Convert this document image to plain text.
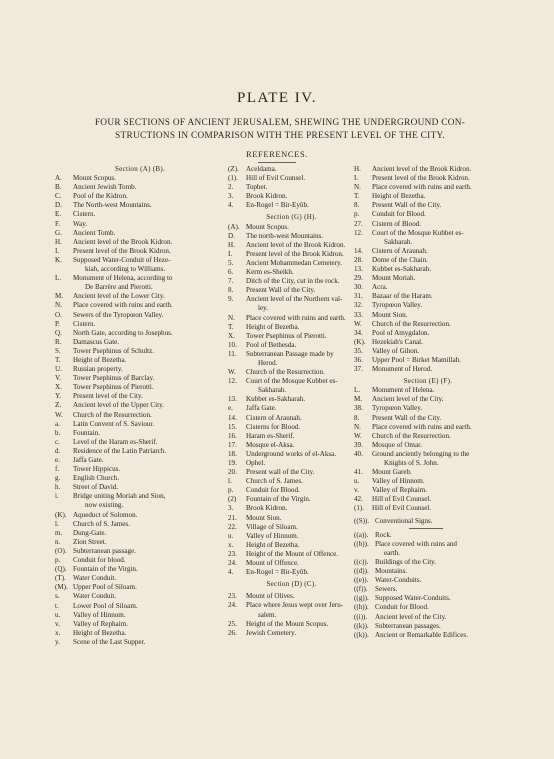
PLATE IV.
FOUR SECTIONS OF ANCIENT JERUSALEM, SHEWING THE UNDERGROUND CON-
STRUCTIONS IN COMPARISON WITH THE PRESENT LEVEL OF THE CITY.
REFERENCES.
Section (A) (B).
A.	Mount Scopus.
B.	Ancient Jewish Tomb.
C.	Pool of the Kidron.
D.	The North-west Mountains.
E.	Cistern.
F.	Way.
G.	Ancient Tomb.
H.	Ancient level of the Brook Kidron.
I.	Present level of the Brook Kidron.
K.	Supposed Water-Conduit of Heze-
kiah, according to Williams.
L.	Monument of Helena, according to
De Barrère and Pierotti.
M.	Ancient level of the Lower City.
N.	Place covered with ruins and earth.
O.	Sewers of the Tyropœon Valley.
P.	Cistern.
Q.	North Gate, according to Josephus.
R.	Damascus Gate.
S.	Tower Psephinus of Schultz.
T.	Height of Bezetha.
U.	Russian property.
V.	Tower Psephinus of Barclay.
X.	Tower Psephinus of Pierotti.
Y.	Present level of the City.
Z.	Ancient level of the Upper City.
W.	Church of the Resurrection.
a.	Latin Convent of S. Saviour.
b.	Fountain.
c.	Level of the Haram es-Sherif.
d.	Residence of the Latin Patriarch.
e.	Jaffa Gate.
f.	Tower Hippicus.
g.	English Church.
h.	Street of David.
i.	Bridge uniting Moriah and Sion,
now existing.
(K). Aqueduct of Solomon.
l.	Church of S. James.
m.	Dung-Gate.
n.	Zion Street.
(O). Subterranean passage.
p.	Conduit for blood.
(Q). Fountain of the Virgin.
(T).	Water Conduit.
(M). Upper Pool of Siloam.
s.	Water Conduit.
t.	Lower Pool of Siloam.
u.	Valley of Hinnom.
v.	Valley of Rephaim.
x.	Height of Bezetha.
y.	Scene of the Last Supper.
(Z).	Aceldama.
(1).	Hill of Evil Counsel.
2.	Tophet.
3.	Brook Kidron.
4.	En-Rogel = Bir-Eyûb.
Section (G) (H).
(A). Mount Scopus.
D.	The north-west Mountains.
H.	Ancient level of the Brook Kidron.
I.	Present level of the Brook Kidron.
5.	Ancient Mohammedan Cemetery.
6.	Kerm es-Sheikh.
7.	Ditch of the City, cut in the rock.
8.	Present Wall of the City.
9.	Ancient level of the Northern val-
ley.
N.	Place covered with ruins and earth.
T.	Height of Bezetha.
X.	Tower Psephinus of Pierotti.
10.	Pool of Bethesda.
11.	Subterranean Passage made by
Herod.
W.	Church of the Resurrection.
12.	Court of the Mosque Kubbet es-
Sakharah.
13.	Kubbet es-Sakharah.
e.	Jaffa Gate.
14.	Cistern of Araunah.
15.	Cisterns for Blood.
16.	Haram es-Sherif.
17.	Mosque el-Aksa.
18.	Underground works of el-Aksa.
19.	Ophel.
20.	Present wall of the City.
l.	Church of S. James.
p.	Conduit for Blood.
(2)	Fountain of the Virgin.
3.	Brook Kidron.
21.	Mount Sion.
22.	Village of Siloam.
u.	Valley of Hinnom.
x.	Height of Bezetha.
23.	Height of the Mount of Offence.
24.	Mount of Offence.
4.	En-Rogel = Bir-Eyûb.
Section (D) (C).
23.	Mount of Olives.
24.	Place where Jesus wept over Jeru-
salem.
25.	Height of the Mount Scopus.
26.	Jewish Cemetery.
H.	Ancient level of the Brook Kidron.
I.	Present level of the Brook Kidron.
N.	Place covered with ruins and earth.
T.	Height of Bezetha.
8.	Present Wall of the City.
p.	Conduit for Blood.
27.	Cistern of Blood.
12.	Court of the Mosque Kubbet es-
Sakharah.
14.	Cistern of Araunah.
28.	Dome of the Chain.
13.	Kubbet es-Sakharah.
29.	Mount Moriah.
30.	Acra.
31.	Bazaar of the Haram.
32.	Tyropœon Valley.
33.	Mount Sion.
W.	Church of the Resurrection.
34.	Pool of Amygdalon.
(K). Hezekiah's Canal.
35.	Valley of Gihon.
36.	Upper Pool = Birket Mamillah.
37.	Monument of Herod.
Section (E) (F).
L.	Monument of Helena.
M.	Ancient level of the City.
38.	Tyropœon Valley.
8.	Present Wall of the City.
N.	Place covered with ruins and earth.
W.	Church of the Resurrection.
39.	Mosque of Omar.
40.	Ground anciently belonging to the
Knights of S. John.
41.	Mount Gareb.
u.	Valley of Hinnom.
v.	Valley of Rephaim.
42.	Hill of Evil Counsel.
(1).	Hill of Evil Counsel.
((S)). Conventional Signs.
((a)). Rock.
((b)). Place covered with ruins and
earth.
((c)). Buildings of the City.
((d)). Mountains.
((e)). Water-Conduits.
((f)).	Sewers.
((g)). Supposed Water-Conduits.
((h)). Conduit for Blood.
((i)).	Ancient level of the City.
((k)). Subterranean passages.
((k)). Ancient or Remarkable Edifices.
